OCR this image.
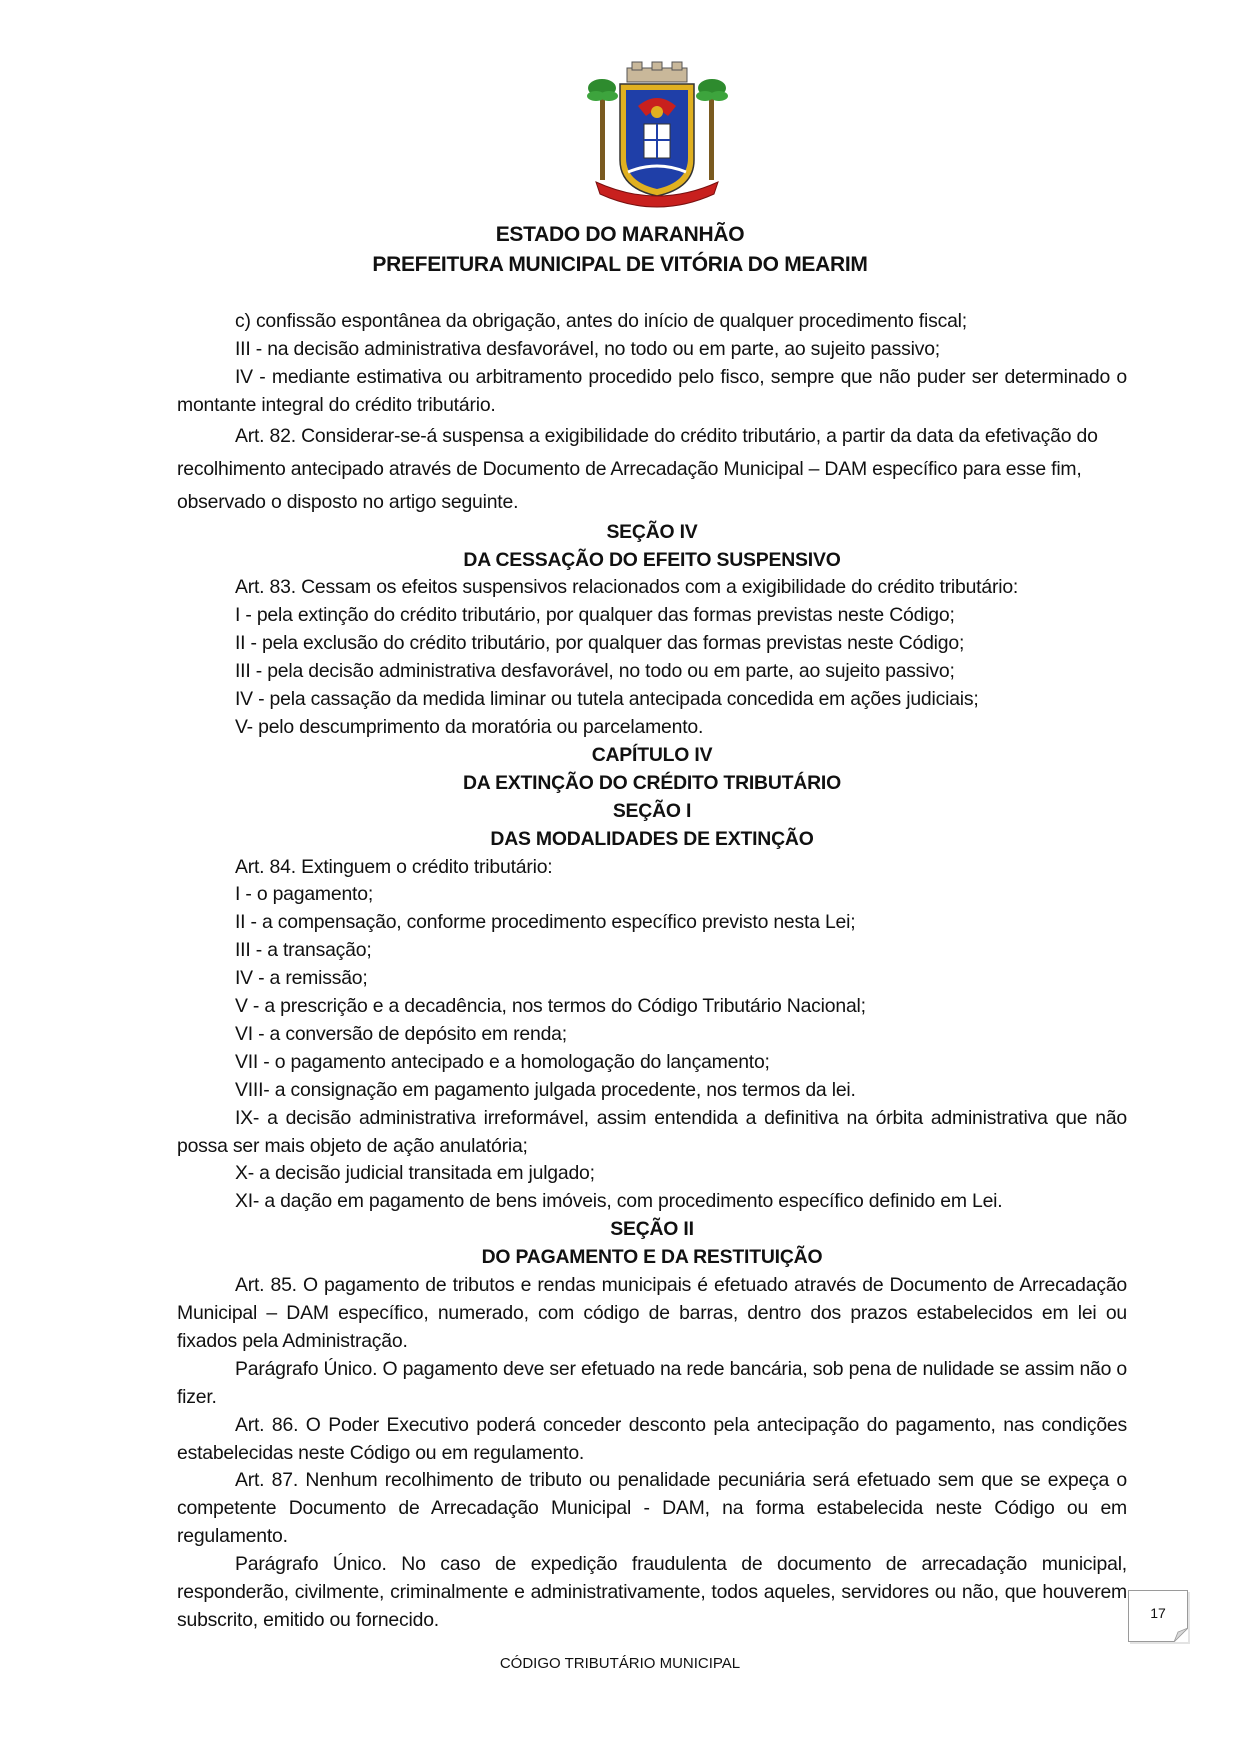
ESTADO DO MARANHÃO
PREFEITURA MUNICIPAL DE VITÓRIA DO MEARIM

c) confissão espontânea da obrigação, antes do início de qualquer procedimento fiscal;

III - na decisão administrativa desfavorável, no todo ou em parte, ao sujeito passivo;

IV - mediante estimativa ou arbitramento procedido pelo fisco, sempre que não puder ser determinado o montante integral do crédito tributário.

Art. 82. Considerar-se-á suspensa a exigibilidade do crédito tributário, a partir da data da efetivação do recolhimento antecipado através de Documento de Arrecadação Municipal – DAM específico para esse fim, observado o disposto no artigo seguinte.

SEÇÃO IV

DA CESSAÇÃO DO EFEITO SUSPENSIVO

Art. 83. Cessam os efeitos suspensivos relacionados com a exigibilidade do crédito tributário:

I - pela extinção do crédito tributário, por qualquer das formas previstas neste Código;

II - pela exclusão do crédito tributário, por qualquer das formas previstas neste Código;

III - pela decisão administrativa desfavorável, no todo ou em parte, ao sujeito passivo;

IV - pela cassação da medida liminar ou tutela antecipada concedida em ações judiciais;

V- pelo descumprimento da moratória ou parcelamento.

CAPÍTULO IV

DA EXTINÇÃO DO CRÉDITO TRIBUTÁRIO

SEÇÃO I

DAS MODALIDADES DE EXTINÇÃO

Art. 84. Extinguem o crédito tributário:

I - o pagamento;

II - a compensação, conforme procedimento específico previsto nesta Lei;

III - a transação;

IV - a remissão;

V - a prescrição e a decadência, nos termos do Código Tributário Nacional;

VI - a conversão de depósito em renda;

VII - o pagamento antecipado e a homologação do lançamento;

VIII- a consignação em pagamento julgada procedente, nos termos da lei.

IX- a decisão administrativa irreformável, assim entendida a definitiva na órbita administrativa que não possa ser mais objeto de ação anulatória;

X- a decisão judicial transitada em julgado;

XI- a dação em pagamento de bens imóveis, com procedimento específico definido em Lei.

SEÇÃO II

DO PAGAMENTO E DA RESTITUIÇÃO

Art. 85. O pagamento de tributos e rendas municipais é efetuado através de Documento de Arrecadação Municipal – DAM específico, numerado, com código de barras, dentro dos prazos estabelecidos em lei ou fixados pela Administração.

Parágrafo Único. O pagamento deve ser efetuado na rede bancária, sob pena de nulidade se assim não o fizer.

Art. 86. O Poder Executivo poderá conceder desconto pela antecipação do pagamento, nas condições estabelecidas neste Código ou em regulamento.

Art. 87. Nenhum recolhimento de tributo ou penalidade pecuniária será efetuado sem que se expeça o competente Documento de Arrecadação Municipal - DAM, na forma estabelecida neste Código ou em regulamento.

Parágrafo Único. No caso de expedição fraudulenta de documento de arrecadação municipal, responderão, civilmente, criminalmente e administrativamente, todos aqueles, servidores ou não, que houverem subscrito, emitido ou fornecido.	17
CÓDIGO TRIBUTÁRIO MUNICIPAL
